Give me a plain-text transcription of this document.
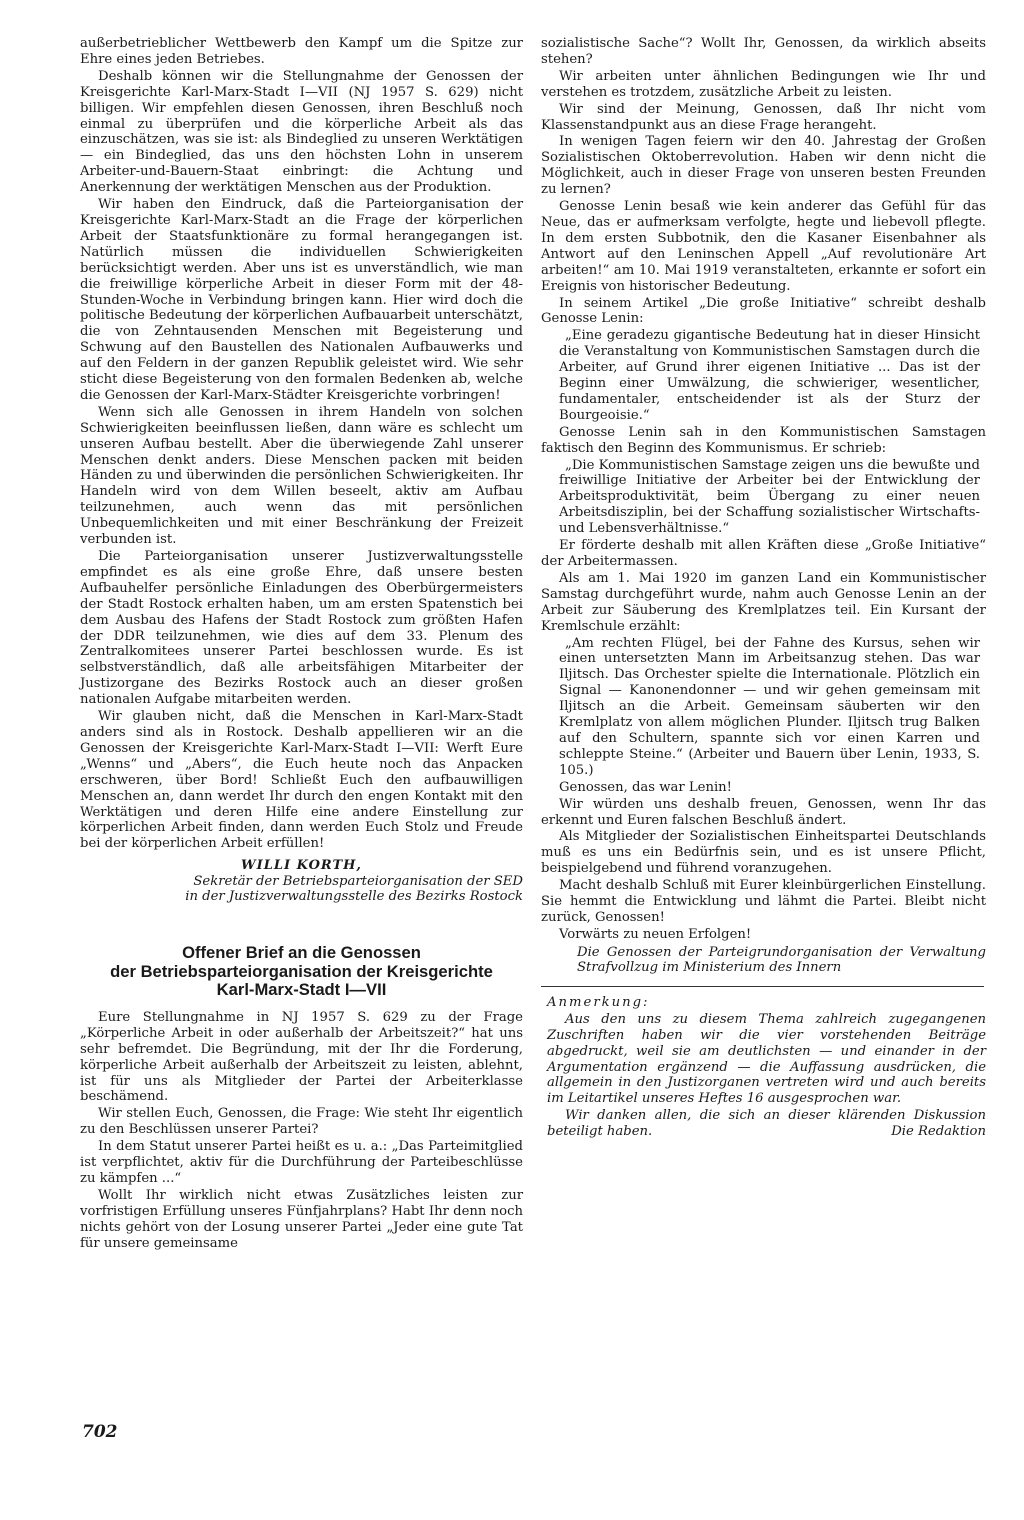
außerbetrieblicher Wettbewerb den Kampf um die Spitze zur Ehre eines jeden Betriebes.

Deshalb können wir die Stellungnahme der Genossen der Kreisgerichte Karl-Marx-Stadt I—VII (NJ 1957 S. 629) nicht billigen. Wir empfehlen diesen Genossen, ihren Beschluß noch einmal zu überprüfen und die körperliche Arbeit als das einzuschätzen, was sie ist: als Bindeglied zu unseren Werktätigen — ein Bindeglied, das uns den höchsten Lohn in unserem Arbeiter-und-Bauern-Staat einbringt: die Achtung und Anerkennung der werktätigen Menschen aus der Produktion.

Wir haben den Eindruck, daß die Parteiorganisation der Kreisgerichte Karl-Marx-Stadt an die Frage der körperlichen Arbeit der Staatsfunktionäre zu formal herangegangen ist. Natürlich müssen die individuellen Schwierigkeiten berücksichtigt werden. Aber uns ist es unverständlich, wie man die freiwillige körperliche Arbeit in dieser Form mit der 48-Stunden-Woche in Verbindung bringen kann. Hier wird doch die politische Bedeutung der körperlichen Aufbauarbeit unterschätzt, die von Zehntausenden Menschen mit Begeisterung und Schwung auf den Baustellen des Nationalen Aufbauwerks und auf den Feldern in der ganzen Republik geleistet wird. Wie sehr sticht diese Begeisterung von den formalen Bedenken ab, welche die Genossen der Karl-Marx-Städter Kreisgerichte vorbringen!

Wenn sich alle Genossen in ihrem Handeln von solchen Schwierigkeiten beeinflussen ließen, dann wäre es schlecht um unseren Aufbau bestellt. Aber die überwiegende Zahl unserer Menschen denkt anders. Diese Menschen packen mit beiden Händen zu und überwinden die persönlichen Schwierigkeiten. Ihr Handeln wird von dem Willen beseelt, aktiv am Aufbau teilzunehmen, auch wenn das mit persönlichen Unbequemlichkeiten und mit einer Beschränkung der Freizeit verbunden ist.

Die Parteiorganisation unserer Justizverwaltungsstelle empfindet es als eine große Ehre, daß unsere besten Aufbauhelfer persönliche Einladungen des Oberbürgermeisters der Stadt Rostock erhalten haben, um am ersten Spatenstich bei dem Ausbau des Hafens der Stadt Rostock zum größten Hafen der DDR teilzunehmen, wie dies auf dem 33. Plenum des Zentralkomitees unserer Partei beschlossen wurde. Es ist selbstverständlich, daß alle arbeitsfähigen Mitarbeiter der Justizorgane des Bezirks Rostock auch an dieser großen nationalen Aufgabe mitarbeiten werden.

Wir glauben nicht, daß die Menschen in Karl-Marx-Stadt anders sind als in Rostock. Deshalb appellieren wir an die Genossen der Kreisgerichte Karl-Marx-Stadt I—VII: Werft Eure „Wenns“ und „Abers“, die Euch heute noch das Anpacken erschweren, über Bord! Schließt Euch den aufbauwilligen Menschen an, dann werdet Ihr durch den engen Kontakt mit den Werktätigen und deren Hilfe eine andere Einstellung zur körperlichen Arbeit finden, dann werden Euch Stolz und Freude bei der körperlichen Arbeit erfüllen!

WILLI KORTH,
Sekretär der Betriebsparteiorganisation der SED
in der Justizverwaltungsstelle des Bezirks Rostock
Offener Brief an die Genossen
der Betriebsparteiorganisation der Kreisgerichte
Karl-Marx-Stadt I—VII

Eure Stellungnahme in NJ 1957 S. 629 zu der Frage „Körperliche Arbeit in oder außerhalb der Arbeitszeit?“ hat uns sehr befremdet. Die Begründung, mit der Ihr die Forderung, körperliche Arbeit außerhalb der Arbeitszeit zu leisten, ablehnt, ist für uns als Mitglieder der Partei der Arbeiterklasse beschämend.

Wir stellen Euch, Genossen, die Frage: Wie steht Ihr eigentlich zu den Beschlüssen unserer Partei?

In dem Statut unserer Partei heißt es u. a.: „Das Parteimitglied ist verpflichtet, aktiv für die Durchführung der Parteibeschlüsse zu kämpfen ...“

Wollt Ihr wirklich nicht etwas Zusätzliches leisten zur vorfristigen Erfüllung unseres Fünfjahrplans? Habt Ihr denn noch nichts gehört von der Losung unserer Partei „Jeder eine gute Tat für unsere gemeinsame

sozialistische Sache“? Wollt Ihr, Genossen, da wirklich abseits stehen?

Wir arbeiten unter ähnlichen Bedingungen wie Ihr und verstehen es trotzdem, zusätzliche Arbeit zu leisten.

Wir sind der Meinung, Genossen, daß Ihr nicht vom Klassenstandpunkt aus an diese Frage herangeht.

In wenigen Tagen feiern wir den 40. Jahrestag der Großen Sozialistischen Oktoberrevolution. Haben wir denn nicht die Möglichkeit, auch in dieser Frage von unseren besten Freunden zu lernen?

Genosse Lenin besaß wie kein anderer das Gefühl für das Neue, das er aufmerksam verfolgte, hegte und liebevoll pflegte. In dem ersten Subbotnik, den die Kasaner Eisenbahner als Antwort auf den Leninschen Appell „Auf revolutionäre Art arbeiten!“ am 10. Mai 1919 veranstalteten, erkannte er sofort ein Ereignis von historischer Bedeutung.

In seinem Artikel „Die große Initiative“ schreibt deshalb Genosse Lenin:

„Eine geradezu gigantische Bedeutung hat in dieser Hinsicht die Veranstaltung von Kommunistischen Samstagen durch die Arbeiter, auf Grund ihrer eigenen Initiative ... Das ist der Beginn einer Umwälzung, die schwieriger, wesentlicher, fundamentaler, entscheidender ist als der Sturz der Bourgeoisie.“

Genosse Lenin sah in den Kommunistischen Samstagen faktisch den Beginn des Kommunismus. Er schrieb:

„Die Kommunistischen Samstage zeigen uns die bewußte und freiwillige Initiative der Arbeiter bei der Entwicklung der Arbeitsproduktivität, beim Übergang zu einer neuen Arbeitsdisziplin, bei der Schaffung sozialistischer Wirtschafts- und Lebensverhältnisse.“

Er förderte deshalb mit allen Kräften diese „Große Initiative“ der Arbeitermassen.

Als am 1. Mai 1920 im ganzen Land ein Kommunistischer Samstag durchgeführt wurde, nahm auch Genosse Lenin an der Arbeit zur Säuberung des Kremlplatzes teil. Ein Kursant der Kremlschule erzählt:

„Am rechten Flügel, bei der Fahne des Kursus, sehen wir einen untersetzten Mann im Arbeitsanzug stehen. Das war Iljitsch. Das Orchester spielte die Internationale. Plötzlich ein Signal — Kanonendonner — und wir gehen gemeinsam mit Iljitsch an die Arbeit. Gemeinsam säuberten wir den Kremlplatz von allem möglichen Plunder. Iljitsch trug Balken auf den Schultern, spannte sich vor einen Karren und schleppte Steine.“ (Arbeiter und Bauern über Lenin, 1933, S. 105.)

Genossen, das war Lenin!

Wir würden uns deshalb freuen, Genossen, wenn Ihr das erkennt und Euren falschen Beschluß ändert.

Als Mitglieder der Sozialistischen Einheitspartei Deutschlands muß es uns ein Bedürfnis sein, und es ist unsere Pflicht, beispielgebend und führend voranzugehen.

Macht deshalb Schluß mit Eurer kleinbürgerlichen Einstellung. Sie hemmt die Entwicklung und lähmt die Partei. Bleibt nicht zurück, Genossen!

Vorwärts zu neuen Erfolgen!

Die Genossen der Parteigrundorganisation der Verwaltung Strafvollzug im Ministerium des Innern
Anmerkung:

Aus den uns zu diesem Thema zahlreich zugegangenen Zuschriften haben wir die vier vorstehenden Beiträge abgedruckt, weil sie am deutlichsten — und einander in der Argumentation ergänzend — die Auffassung ausdrücken, die allgemein in den Justizorganen vertreten wird und auch bereits im Leitartikel unseres Heftes 16 ausgesprochen war.

Wir danken allen, die sich an dieser klärenden Diskussion beteiligt haben.	Die Redaktion

702
